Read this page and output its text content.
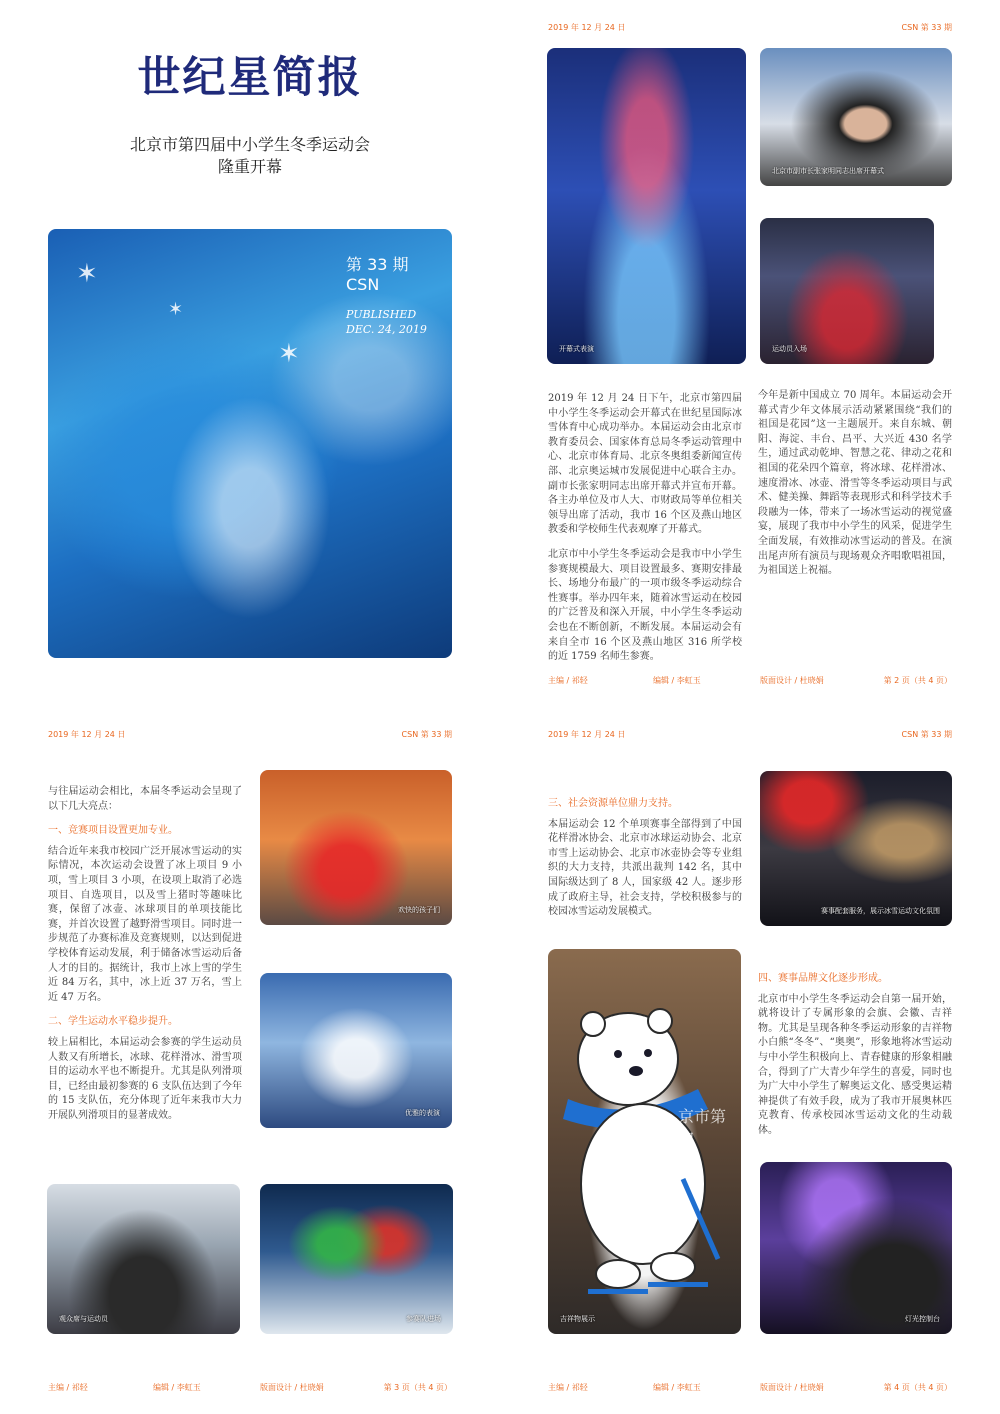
世纪星简报
北京市第四届中小学生冬季运动会
隆重开幕
✶
✶
✶
第 33 期
CSN
PUBLISHED
DEC. 24, 2019
2019 年 12 月 24 日	CSN 第 33 期
开幕式表演
北京市副市长张家明同志出席开幕式
运动员入场

2019 年 12 月 24 日下午，北京市第四届中小学生冬季运动会开幕式在世纪星国际冰雪体育中心成功举办。本届运动会由北京市教育委员会、国家体育总局冬季运动管理中心、北京市体育局、北京冬奥组委新闻宣传部、北京奥运城市发展促进中心联合主办。副市长张家明同志出席开幕式并宣布开幕。各主办单位及市人大、市财政局等单位相关领导出席了活动，我市 16 个区及燕山地区教委和学校师生代表观摩了开幕式。

北京市中小学生冬季运动会是我市中小学生参赛规模最大、项目设置最多、赛期安排最长、场地分布最广的一项市级冬季运动综合性赛事。举办四年来，随着冰雪运动在校园的广泛普及和深入开展，中小学生冬季运动会也在不断创新，不断发展。本届运动会有来自全市 16 个区及燕山地区 316 所学校的近 1759 名师生参赛。

今年是新中国成立 70 周年。本届运动会开幕式青少年文体展示活动紧紧围绕“我们的祖国是花园”这一主题展开。来自东城、朝阳、海淀、丰台、昌平、大兴近 430 名学生，通过武动乾坤、智慧之花、律动之花和祖国的花朵四个篇章，将冰球、花样滑冰、速度滑冰、冰壶、滑雪等冬季运动项目与武术、健美操、舞蹈等表现形式和科学技术手段融为一体，带来了一场冰雪运动的视觉盛宴，展现了我市中小学生的风采，促进学生全面发展，有效推动冰雪运动的普及。在演出尾声所有演员与现场观众齐唱歌唱祖国，为祖国送上祝福。

主编 / 祁轻	编辑 / 李虹玉	版面设计 / 杜晓娟	第 2 页（共 4 页）
2019 年 12 月 24 日	CSN 第 33 期

与往届运动会相比，本届冬季运动会呈现了以下几大亮点：

一、竞赛项目设置更加专业。

结合近年来我市校园广泛开展冰雪运动的实际情况，本次运动会设置了冰上项目 9 小项，雪上项目 3 小项，在设项上取消了必选项目、自选项目，以及雪上猪时等趣味比赛，保留了冰壶、冰球项目的单项技能比赛，并首次设置了越野滑雪项目。同时进一步规范了办赛标准及竞赛规则，以达到促进学校体育运动发展，利于储备冰雪运动后备人才的目的。据统计，我市上冰上雪的学生近 84 万名，其中，冰上近 37 万名，雪上近 47 万名。

二、学生运动水平稳步提升。

较上届相比，本届运动会参赛的学生运动员人数又有所增长，冰球、花样滑冰、滑雪项目的运动水平也不断提升。尤其是队列滑项目，已经由最初参赛的 6 支队伍达到了今年的 15 支队伍，充分体现了近年来我市大力开展队列滑项目的显著成效。

欢快的孩子们
优雅的表演
观众席与运动员	参赛队进场
主编 / 祁轻	编辑 / 李虹玉	版面设计 / 杜晓娟	第 3 页（共 4 页）
2019 年 12 月 24 日	CSN 第 33 期

三、社会资源单位鼎力支持。

本届运动会 12 个单项赛事全部得到了中国花样滑冰协会、北京市冰球运动协会、北京市雪上运动协会、北京市冰壶协会等专业组织的大力支持，共派出裁判 142 名，其中国际级达到了 8 人，国家级 42 人。逐步形成了政府主导，社会支持，学校积极参与的校园冰雪运动发展模式。	赛事配套服务，展示冰雪运动文化氛围
京市第四
吉祥物展示

四、赛事品牌文化逐步形成。

北京市中小学生冬季运动会自第一届开始，就将设计了专属形象的会旗、会徽、吉祥物。尤其是呈现各种冬季运动形象的吉祥物小白熊“冬冬”、“奥奥”，形象地将冰雪运动与中小学生积极向上、青春健康的形象相融合，得到了广大青少年学生的喜爱，同时也为广大中小学生了解奥运文化、感受奥运精神提供了有效手段，成为了我市开展奥林匹克教育、传承校园冰雪运动文化的生动载体。

灯光控制台
主编 / 祁轻	编辑 / 李虹玉	版面设计 / 杜晓娟	第 4 页（共 4 页）
